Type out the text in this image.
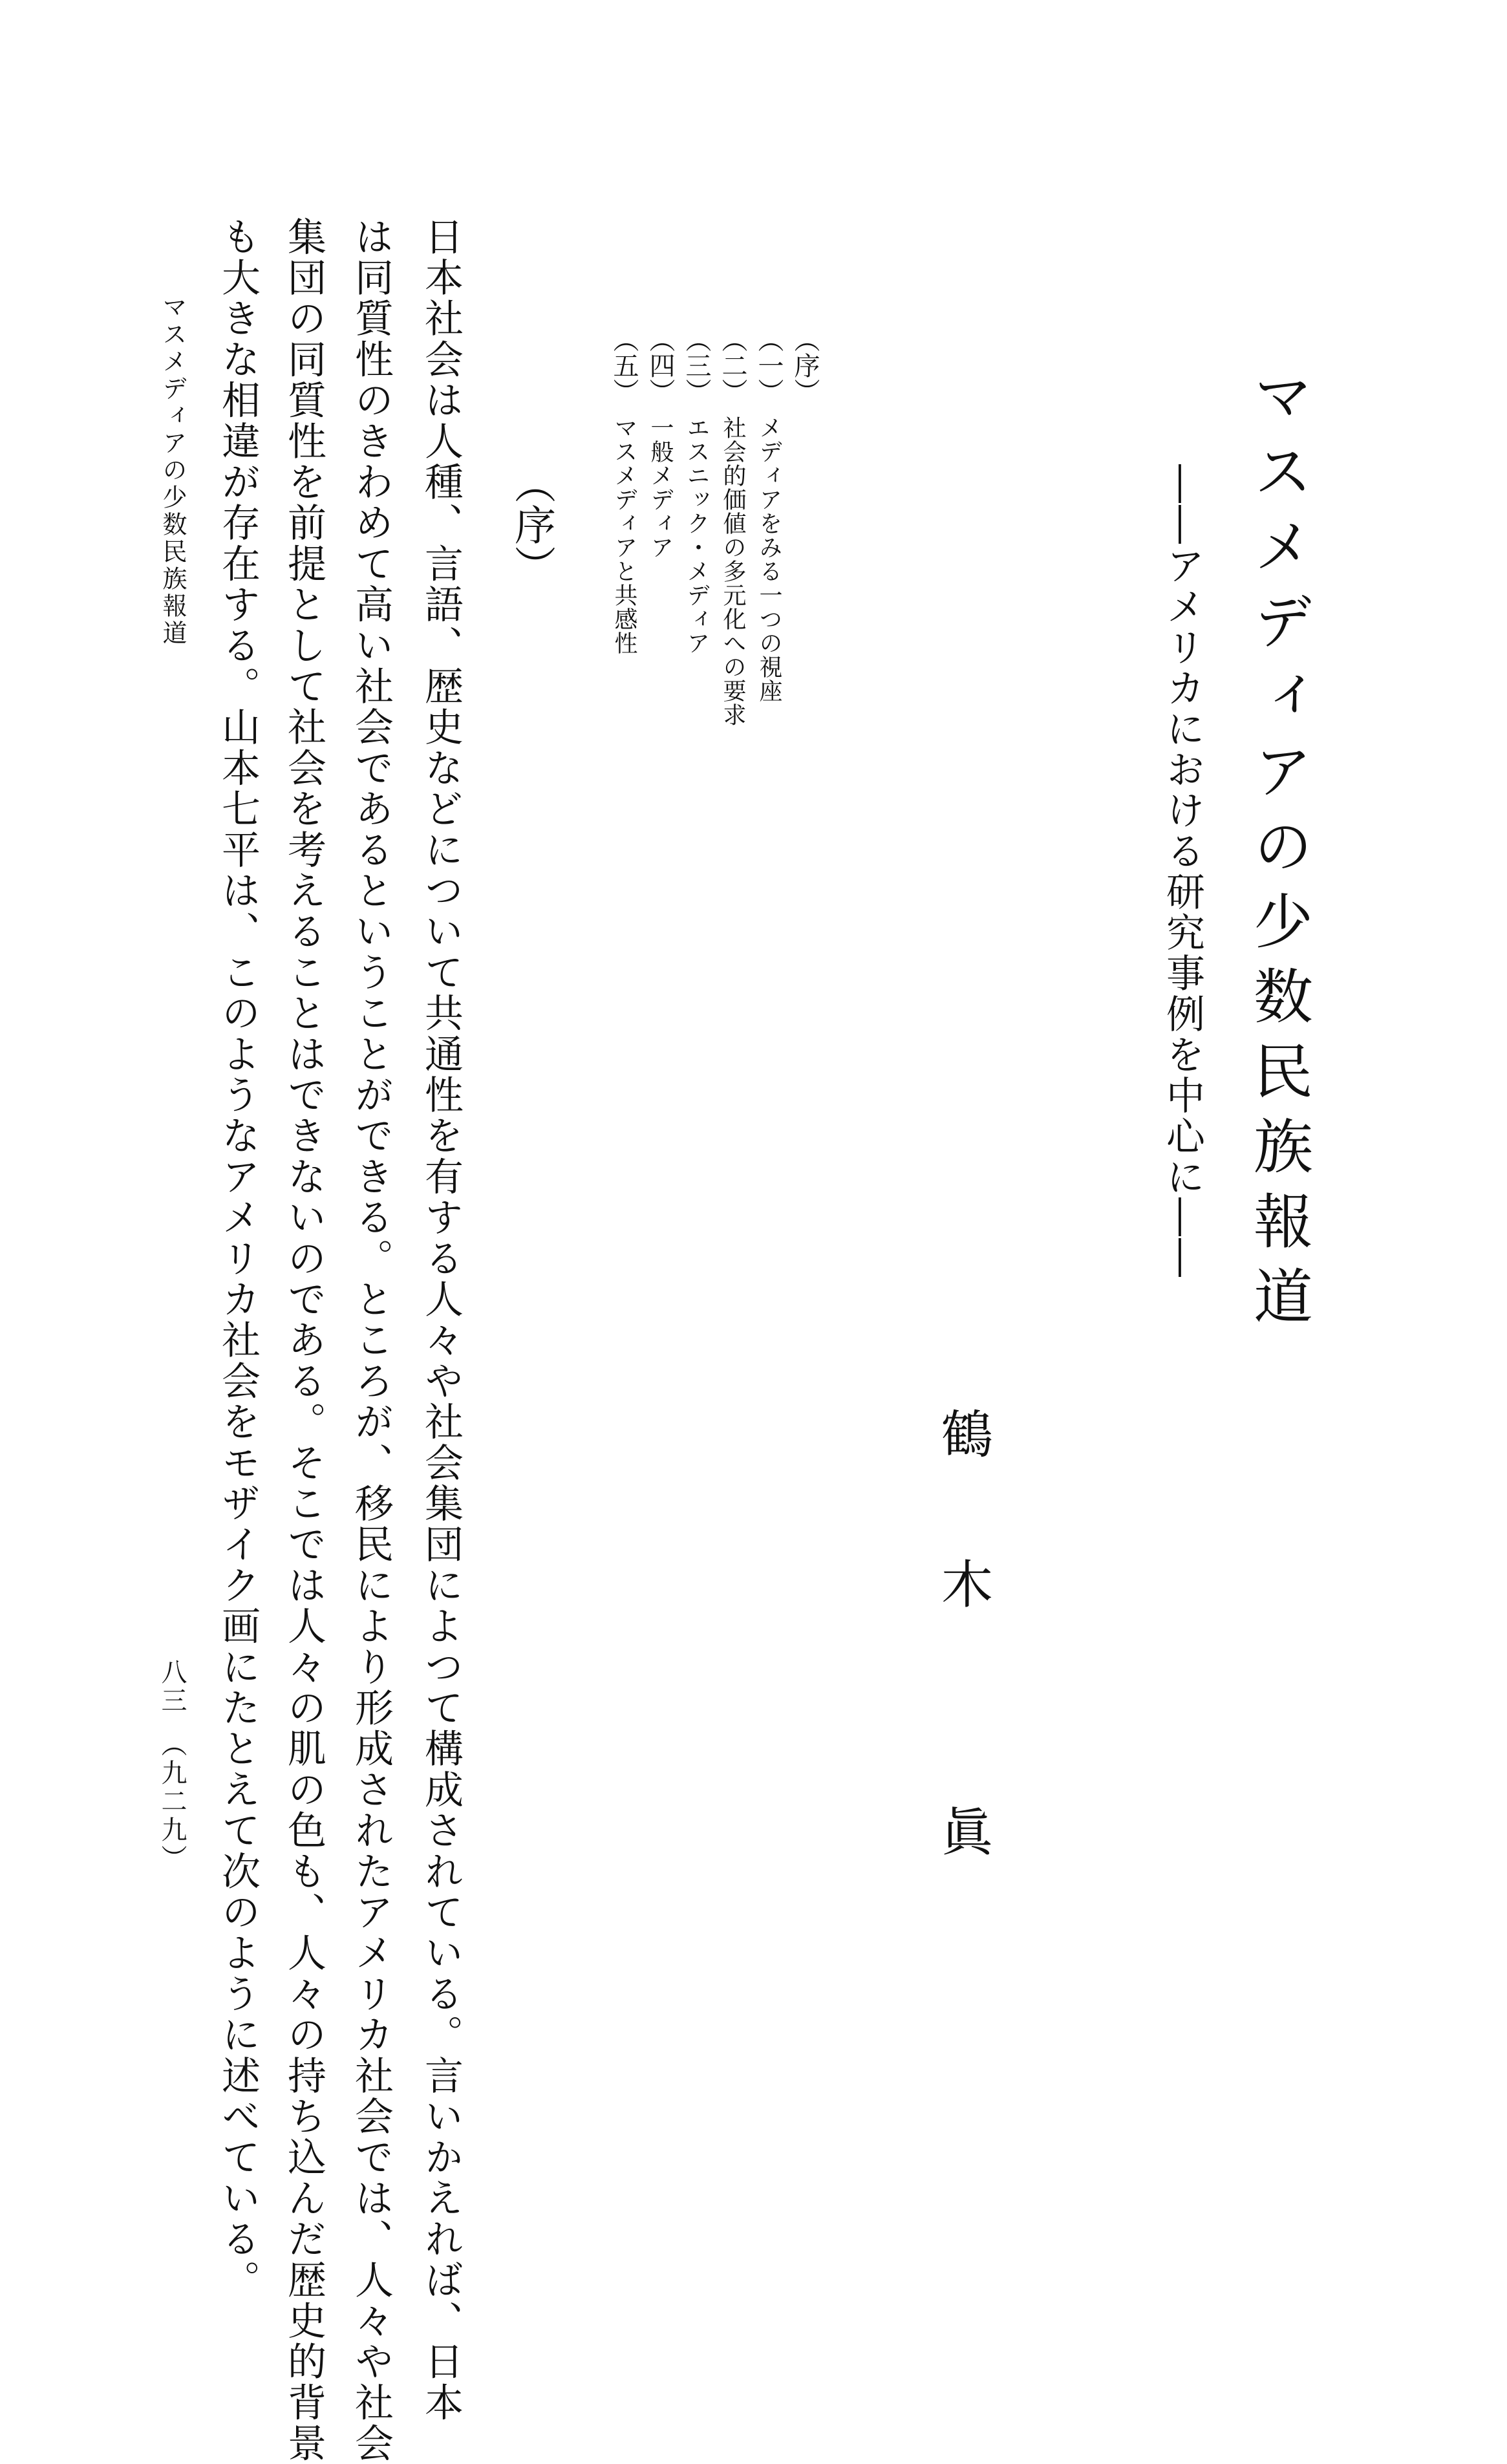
マスメディアの少数民族報道
――アメリカにおける研究事例を中心に――
鶴
木
眞
（序）
（一）
メディアをみる一つの視座
（二）
社会的価値の多元化への要求
（三）
エスニック・メディア
（四）
一般メディア
（五）
マスメディアと共感性
（序）
日本社会は人種、言語、歴史などについて共通性を有する人々や社会集団によつて構成されている。言いかえれば、日本
は同質性のきわめて高い社会であるということができる。ところが、移民により形成されたアメリカ社会では、人々や社会
集団の同質性を前提として社会を考えることはできないのである。そこでは人々の肌の色も、人々の持ち込んだ歴史的背景
も大きな相違が存在する。山本七平は、このようなアメリカ社会をモザイク画にたとえて次のように述べている。
マスメディアの少数民族報道
八三　（九二九）
